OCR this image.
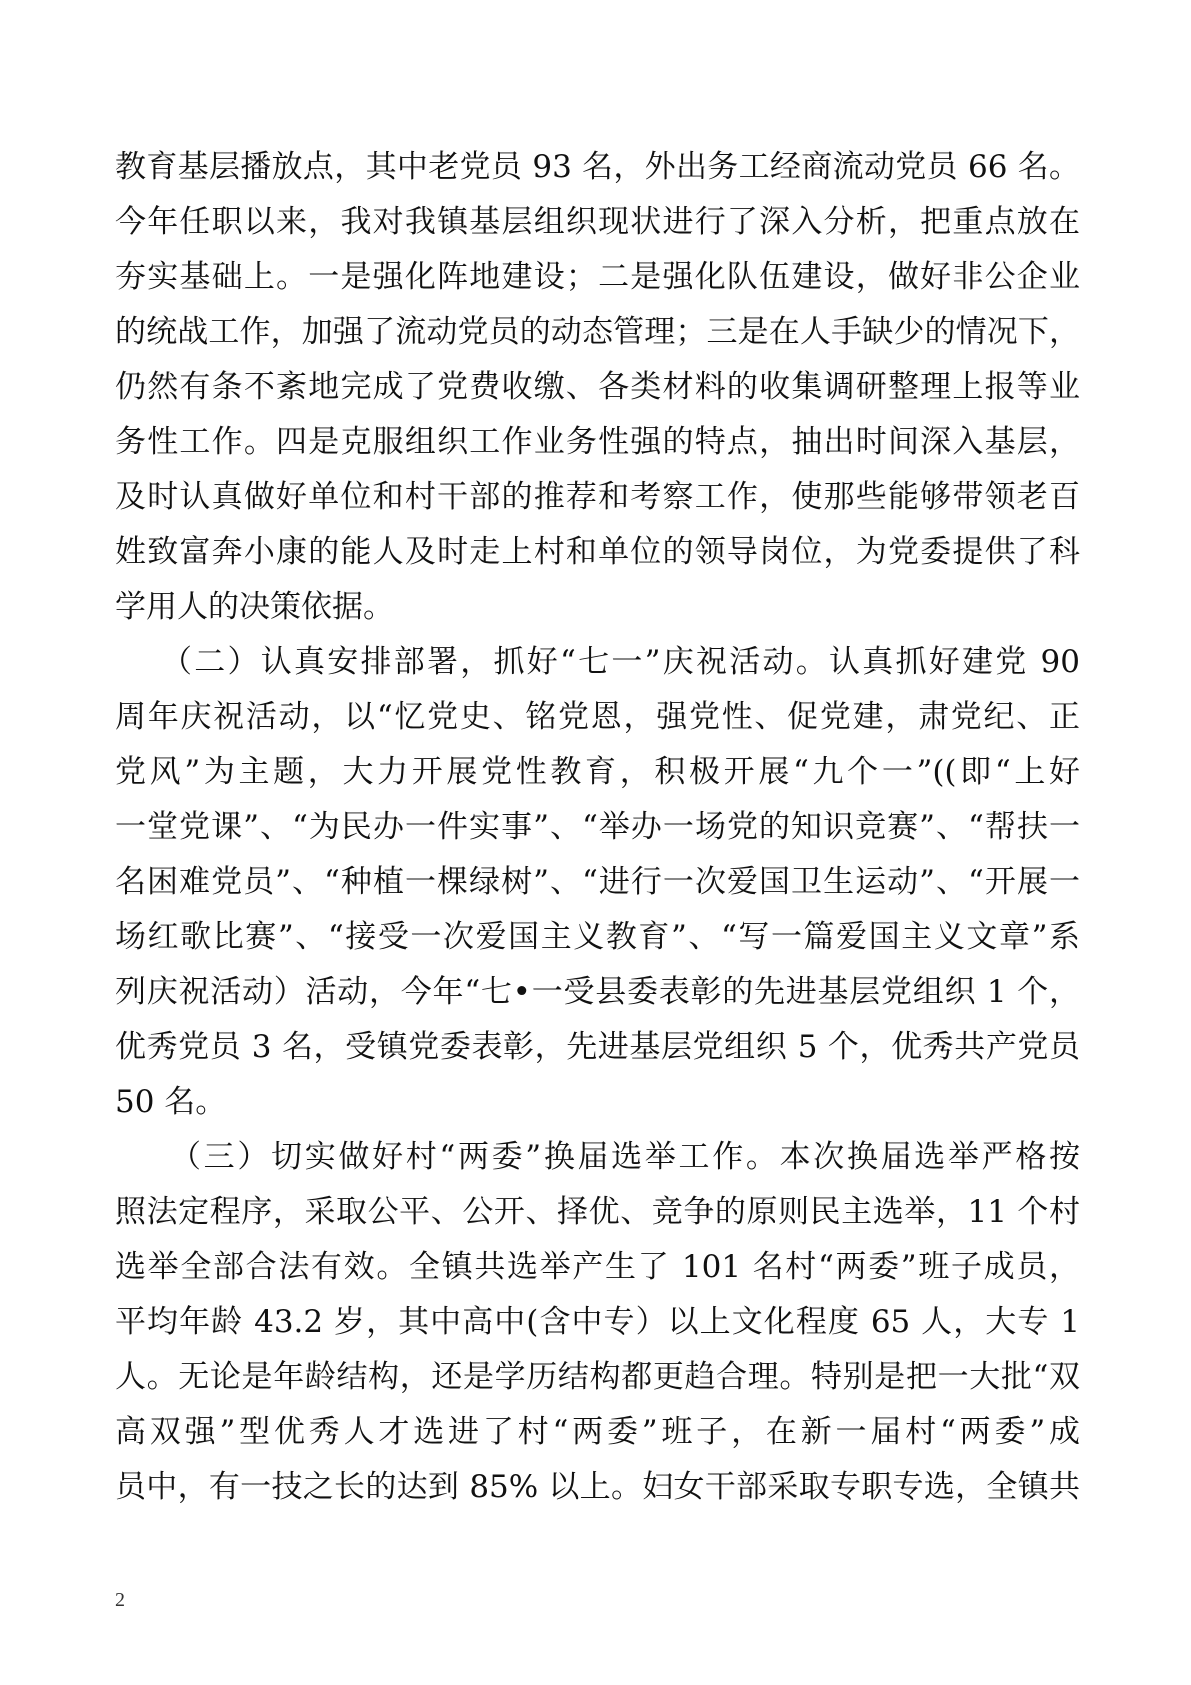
教育基层播放点，其中老党员 93 名，外出务工经商流动党员 66 名。
今年任职以来，我对我镇基层组织现状进行了深入分析，把重点放在
夯实基础上。一是强化阵地建设；二是强化队伍建设，做好非公企业
的统战工作，加强了流动党员的动态管理；三是在人手缺少的情况下，
仍然有条不紊地完成了党费收缴、各类材料的收集调研整理上报等业
务性工作。四是克服组织工作业务性强的特点，抽出时间深入基层，
及时认真做好单位和村干部的推荐和考察工作，使那些能够带领老百
姓致富奔小康的能人及时走上村和单位的领导岗位，为党委提供了科
学用人的决策依据。
（二）认真安排部署，抓好“七一”庆祝活动。认真抓好建党 90
周年庆祝活动，以“忆党史、铭党恩，强党性、促党建，肃党纪、正
党风”为主题，大力开展党性教育，积极开展“九个一”((即“上好
一堂党课”、“为民办一件实事”、“举办一场党的知识竞赛”、“帮扶一
名困难党员”、“种植一棵绿树”、“进行一次爱国卫生运动”、“开展一
场红歌比赛”、“接受一次爱国主义教育”、“写一篇爱国主义文章”系
列庆祝活动）活动，今年“七•一受县委表彰的先进基层党组织 1 个，
优秀党员 3 名，受镇党委表彰，先进基层党组织 5 个，优秀共产党员
50 名。
（三）切实做好村“两委”换届选举工作。本次换届选举严格按
照法定程序，采取公平、公开、择优、竞争的原则民主选举，11 个村
选举全部合法有效。全镇共选举产生了 101 名村“两委”班子成员，
平均年龄 43.2 岁，其中高中(含中专）以上文化程度 65 人，大专 1
人。无论是年龄结构，还是学历结构都更趋合理。特别是把一大批“双
高双强”型优秀人才选进了村“两委”班子，在新一届村“两委”成
员中，有一技之长的达到 85% 以上。妇女干部采取专职专选，全镇共
2
